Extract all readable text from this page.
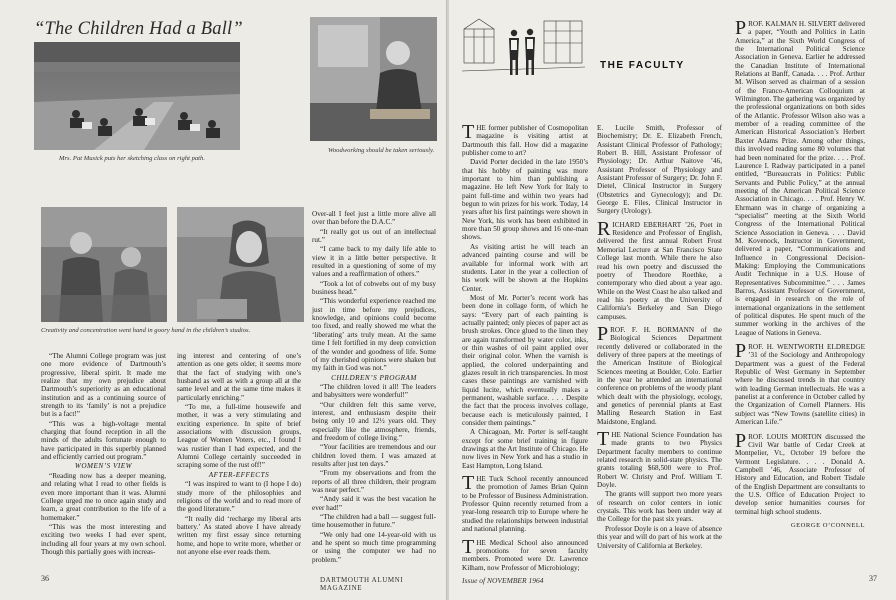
“The Children Had a Ball”
Mrs. Pat Musick puts her sketching class on right path.
Woodworking should be taken seriously.
Creativity and concentration went hand in goory hand in the children’s studios.

“The Alumni College program was just one more evidence of Dartmouth’s progressive, liberal spirit. It made me realize that my own prejudice about Dartmouth’s superiority as an educational institution and as a continuing source of strength to its ‘family’ is not a prejudice but is a fact!”

“This was a high-voltage mental charging that found reception in all the minds of the adults fortunate enough to have participated in this superbly planned and efficiently carried out program.”

WOMEN’S VIEW

“Reading now has a deeper meaning, and relating what I read to other fields is even more important than it was. Alumni College urged me to once again study and learn, a great contribution to the life of a homemaker.”

“This was the most interesting and exciting two weeks I had ever spent, including all four years at my own school. Though this partially goes with increas-

ing interest and centering of one’s attention as one gets older, it seems more that the fact of studying with one’s husband as well as with a group all at the same level and at the same time makes it particularly enriching.”

“To me, a full-time housewife and mother, it was a very stimulating and exciting experience. In spite of brief associations with discussion groups, League of Women Voters, etc., I found I was rustier than I had expected, and the Alumni College certainly succeeded in scraping some of the rust off!”

AFTER-EFFECTS

“I was inspired to want to (I hope I do) study more of the philosophies and religions of the world and to read more of the good literature.”

“It really did ‘recharge my liberal arts battery.’ As stated above I have already written my first essay since returning home, and hope to write more, whether or not anyone else ever reads them.

Over-all I feel just a little more alive all over than before the D.A.C.”

“It really got us out of an intellectual rut.”

“I came back to my daily life able to view it in a little better perspective. It resulted in a questioning of some of my values and a reaffirmation of others.”

“Took a lot of cobwebs out of my busy business head.”

“This wonderful experience reached me just in time before my prejudices, knowledge, and opinions could become too fixed, and really showed me what the ‘liberating’ arts truly mean. At the same time I felt fortified in my deep conviction of the wonder and goodness of life. Some of my cherished opinions were shaken but my faith in God was not.”

CHILDREN’S PROGRAM

“The children loved it all! The leaders and babysitters were wonderful!”

“Our children felt this same verve, interest, and enthusiasm despite their being only 10 and 12½ years old. They especially like the atmosphere, friends, and freedom of college living.”

“Your facilities are tremendous and our children loved them. I was amazed at results after just ten days.”

“From my observations and from the reports of all three children, their program was near perfect.”

“Andy said it was the best vacation he ever had!”

“The children had a ball — suggest full-time housemother in future.”

“We only had one 14-year-old with us and he spent so much time programming or using the computer we had no problem.”

36	DARTMOUTH ALUMNI MAGAZINE
THE FACULTY

THE former publisher of Cosmopolitan magazine is visiting artist at Dartmouth this fall. How did a magazine publisher come to art?

David Porter decided in the late 1950’s that his hobby of painting was more important to him than publishing a magazine. He left New York for Italy to paint full-time and within two years had begun to win prizes for his work. Today, 14 years after his first paintings were shown in New York, his work has been exhibited in more than 50 group shows and 16 one-man shows.

As visiting artist he will teach an advanced painting course and will be available for informal work with art students. Later in the year a collection of his work will be shown at the Hopkins Center.

Most of Mr. Porter’s recent work has been done in collage form, of which he says: “Every part of each painting is actually painted; only pieces of paper act as brush strokes. Once glued to the linen they are again transformed by water color, inks, or thin washes of oil paint applied over their original color. When the varnish is applied, the colored underpainting and glazes result in rich transparencies. In most cases these paintings are varnished with liquid lucite, which eventually makes a permanent, washable surface. . . . Despite the fact that the process involves collage, because each is meticulously painted, I consider them paintings.”

A Chicagoan, Mr. Porter is self-taught except for some brief training in figure drawings at the Art Institute of Chicago. He now lives in New York and has a studio in East Hampton, Long Island.

THE Tuck School recently announced the promotion of James Brian Quinn to be Professor of Business Administration. Professor Quinn recently returned from a year-long research trip to Europe where he studied the relationships between industrial and national planning.

THE Medical School also announced promotions for seven faculty members. Promoted were Dr. Lawrence Kilham, now Professor of Microbiology;

E. Lucile Smith, Professor of Biochemistry; Dr. E. Elizabeth French, Assistant Clinical Professor of Pathology; Robert B. Hill, Assistant Professor of Physiology; Dr. Arthur Naitove ’46, Assistant Professor of Physiology and Assistant Professor of Surgery; Dr. John F. Dietel, Clinical Instructor in Surgery (Obstetrics and Gynecology); and Dr. George E. Files, Clinical Instructor in Surgery (Urology).

RICHARD EBERHART ’26, Poet in Residence and Professor of English, delivered the first annual Robert Frost Memorial Lecture at San Francisco State College last month. While there he also read his own poetry and discussed the poetry of Theodore Roethke, a contemporary who died about a year ago. While on the West Coast he also talked and read his poetry at the University of California’s Berkeley and San Diego campuses.

PROF. F. H. BORMANN of the Biological Sciences Department recently delivered or collaborated in the delivery of three papers at the meetings of the American Institute of Biological Sciences meeting at Boulder, Colo. Earlier in the year he attended an international conference on problems of the woody plant which dealt with the physiology, ecology, and genetics of perennial plants at East Malling Research Station in East Maidstone, England.

THE National Science Foundation has made grants to two Physics Department faculty members to continue related research in solid-state physics. The grants totaling $68,500 were to Prof. Robert W. Christy and Prof. William T. Doyle.

The grants will support two more years of research on color centers in ionic crystals. This work has been under way at the College for the past six years.

Professor Doyle is on a leave of absence this year and will do part of his work at the University of California at Berkeley.

PROF. KALMAN H. SILVERT delivered a paper, “Youth and Politics in Latin America,” at the Sixth World Congress of the International Political Science Association in Geneva. Earlier he addressed the Canadian Institute of International Relations at Banff, Canada. . . . Prof. Arthur M. Wilson served as chairman of a session of the Franco-American Colloquium at Wilmington. The gathering was organized by the professional organizations on both sides of the Atlantic. Professor Wilson also was a member of a reading committee of the American Historical Association’s Herbert Baxter Adams Prize. Among other things, this involved reading some 80 volumes that had been nominated for the prize. . . . Prof. Laurence I. Radway participated in a panel entitled, “Bureaucrats in Politics: Public Servants and Public Policy,” at the annual meeting of the American Political Science Association in Chicago. . . . Prof. Henry W. Ehrmann was in charge of organizing a “specialist” meeting at the Sixth World Congress of the International Political Science Association in Geneva. . . . David M. Kovenock, Instructor in Government, delivered a paper, “Communications and Influence in Congressional Decision-Making: Employing the Communications Audit Technique in a U.S. House of Representatives Subcommittee.” . . . James Barros, Assistant Professor of Government, is engaged in research on the role of international organizations in the settlement of political disputes. He spent much of the summer working in the archives of the League of Nations in Geneva.

PROF. H. WENTWORTH ELDREDGE ’31 of the Sociology and Anthropology Department was a guest of the Federal Republic of West Germany in September where he discussed trends in that country with leading German intellectuals. He was a panelist at a conference in October called by the Organization of Cornell Planners. His subject was “New Towns (satellite cities) in American Life.”

PROF. LOUIS MORTON discussed the Civil War battle of Cedar Creek at Montpelier, Vt., October 19 before the Vermont Legislature. . . . Donald A. Campbell ’46, Associate Professor of History and Education, and Robert Tisdale of the English Department are consultants to the U.S. Office of Education Project to develop senior humanities courses for terminal high school students.

GEORGE O’CONNELL

Issue of NOVEMBER 1964	37
